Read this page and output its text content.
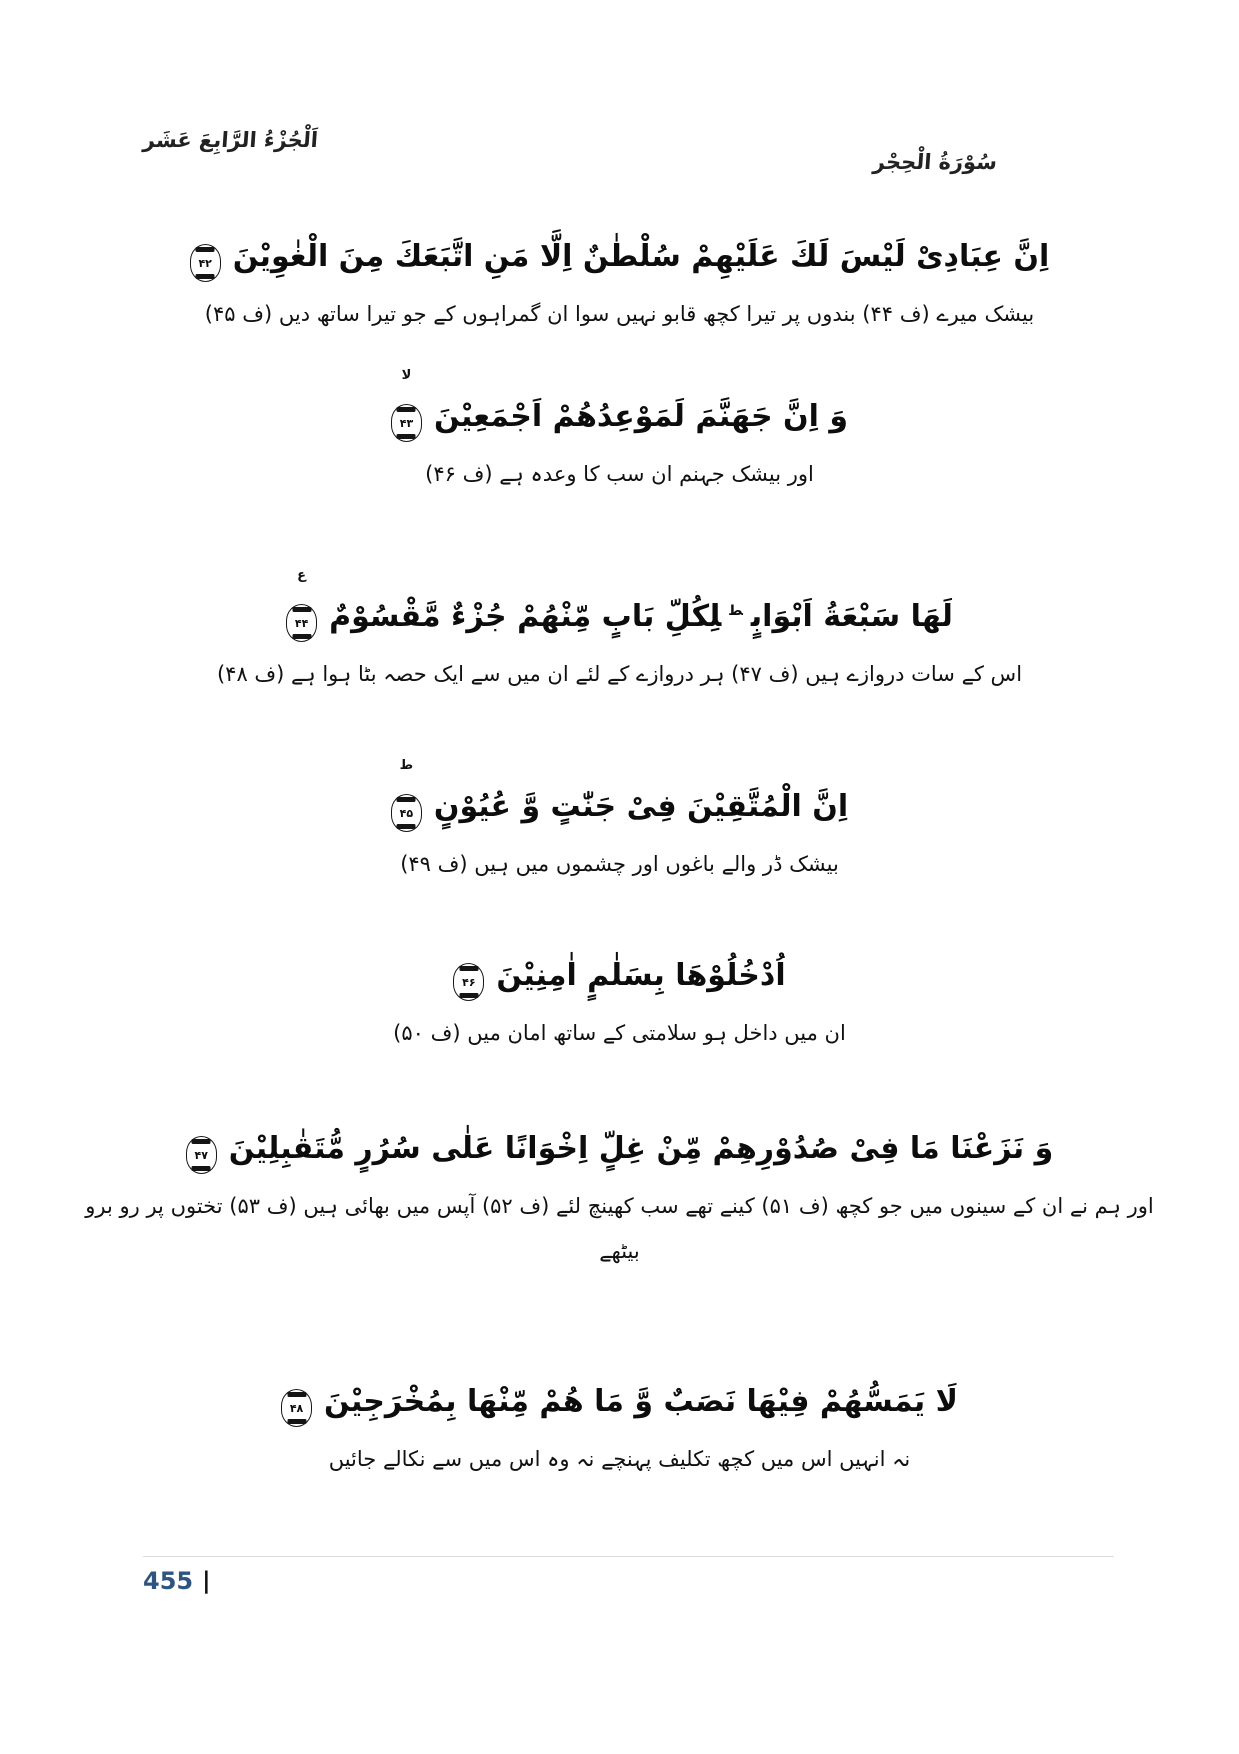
اَلْجُزْءُ الرَّابِعَ عَشَر
سُوْرَةُ الْحِجْر
اِنَّ عِبَادِیْ لَیْسَ لَكَ عَلَیْهِمْ سُلْطٰنٌ اِلَّا مَنِ اتَّبَعَكَ مِنَ الْغٰوِیْنَ
۴۲
بیشک میرے (ف ۴۴) بندوں پر تیرا کچھ قابو نہیں سوا ان گمراہوں کے جو تیرا ساتھ دیں (ف ۴۵)
وَ اِنَّ جَهَنَّمَ لَمَوْعِدُهُمْ اَجْمَعِیْنَ
لا
۴۳
اور بیشک جہنم ان سب کا وعدہ ہے (ف ۴۶)
لَهَا سَبْعَةُ اَبْوَابٍ$^ط$لِكُلِّ بَابٍ مِّنْهُمْ جُزْءٌ مَّقْسُوْمٌ
ع
۴۴
اس کے سات دروازے ہیں (ف ۴۷) ہر دروازے کے لئے ان میں سے ایک حصہ بٹا ہوا ہے (ف ۴۸)
اِنَّ الْمُتَّقِیْنَ فِیْ جَنّٰتٍ وَّ عُیُوْنٍ
ط
۴۵
بیشک ڈر والے باغوں اور چشموں میں ہیں (ف ۴۹)
اُدْخُلُوْهَا بِسَلٰمٍ اٰمِنِیْنَ
۴۶
ان میں داخل ہو سلامتی کے ساتھ امان میں (ف ۵۰)
وَ نَزَعْنَا مَا فِیْ صُدُوْرِهِمْ مِّنْ غِلٍّ اِخْوَانًا عَلٰی سُرُرٍ مُّتَقٰبِلِیْنَ
۴۷
اور ہم نے ان کے سینوں میں جو کچھ (ف ۵۱) کینے تھے سب کھینچ لئے (ف ۵۲) آپس میں بھائی ہیں (ف ۵۳) تختوں پر رو برو
بیٹھے
لَا یَمَسُّهُمْ فِیْهَا نَصَبٌ وَّ مَا هُمْ مِّنْهَا بِمُخْرَجِیْنَ
۴۸
نہ انہیں اس میں کچھ تکلیف پہنچے نہ وہ اس میں سے نکالے جائیں
455 |
